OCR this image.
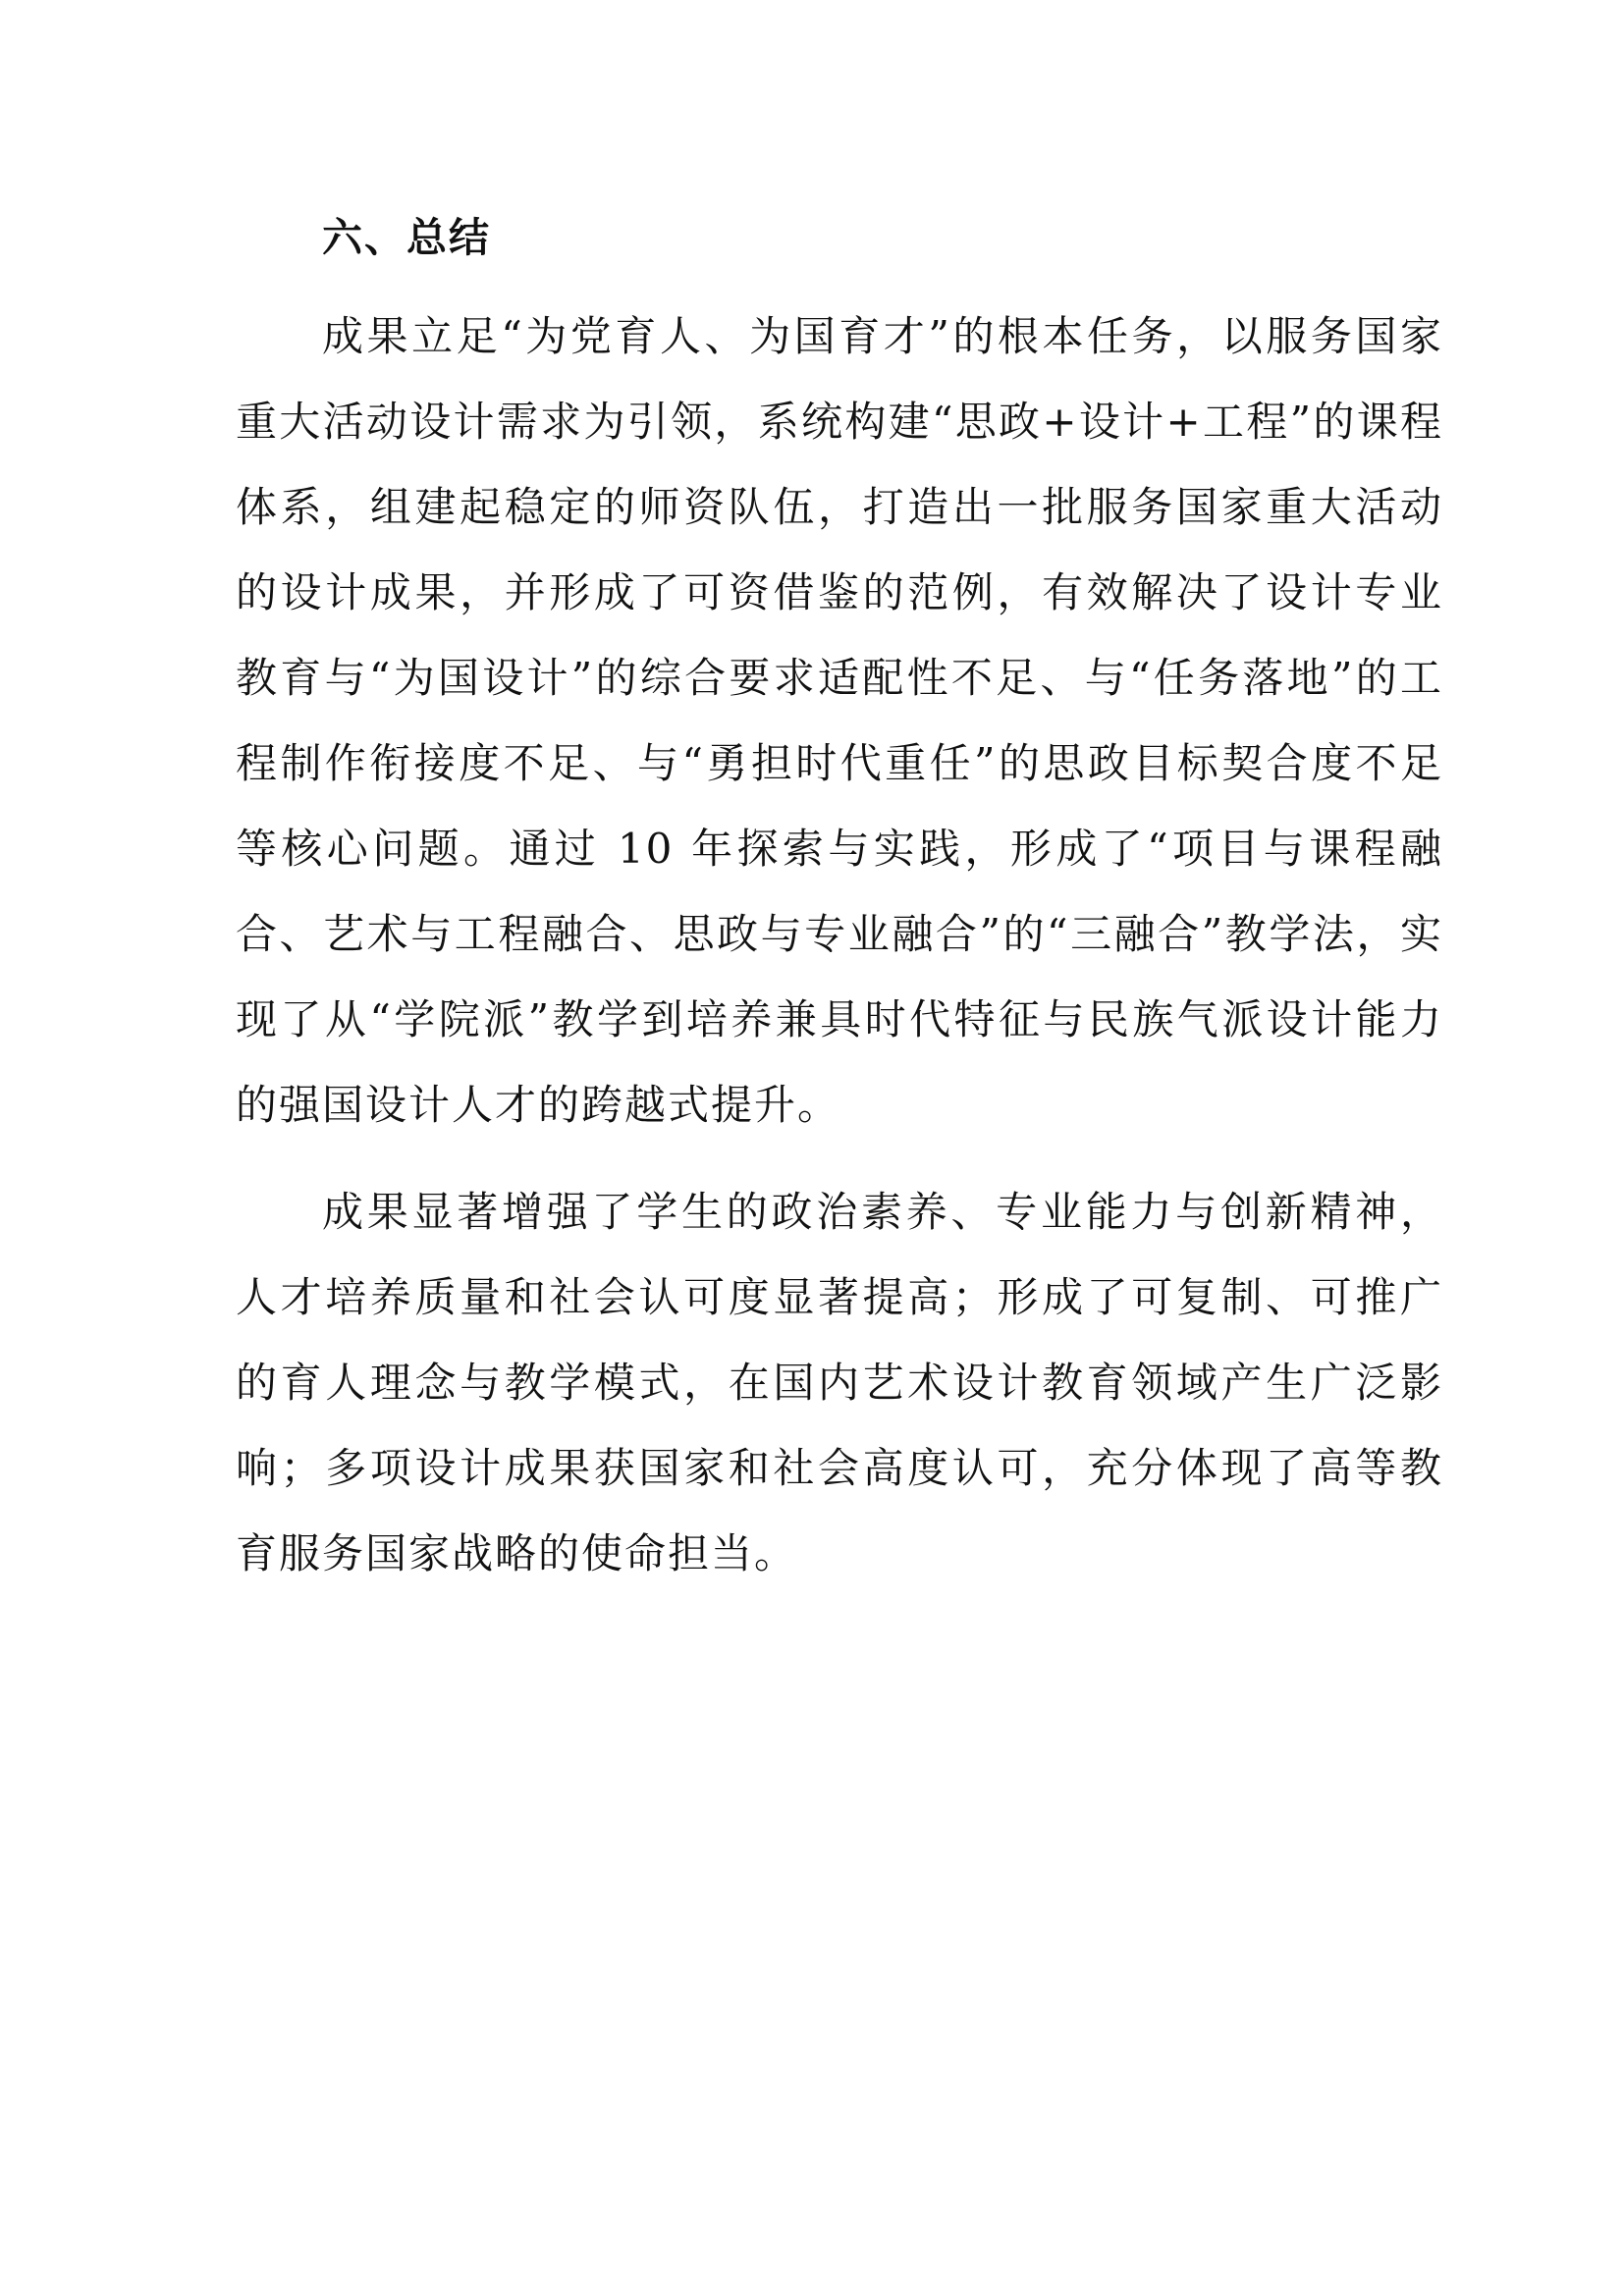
六、总结

成果立足“为党育人、为国育才”的根本任务，以服务国家重大活动设计需求为引领，系统构建“思政+设计+工程”的课程体系，组建起稳定的师资队伍，打造出一批服务国家重大活动的设计成果，并形成了可资借鉴的范例，有效解决了设计专业教育与“为国设计”的综合要求适配性不足、与“任务落地”的工程制作衔接度不足、与“勇担时代重任”的思政目标契合度不足等核心问题。通过 10 年探索与实践，形成了“项目与课程融合、艺术与工程融合、思政与专业融合”的“三融合”教学法，实现了从“学院派”教学到培养兼具时代特征与民族气派设计能力的强国设计人才的跨越式提升。

成果显著增强了学生的政治素养、专业能力与创新精神，人才培养质量和社会认可度显著提高；形成了可复制、可推广的育人理念与教学模式，在国内艺术设计教育领域产生广泛影响；多项设计成果获国家和社会高度认可，充分体现了高等教育服务国家战略的使命担当。
